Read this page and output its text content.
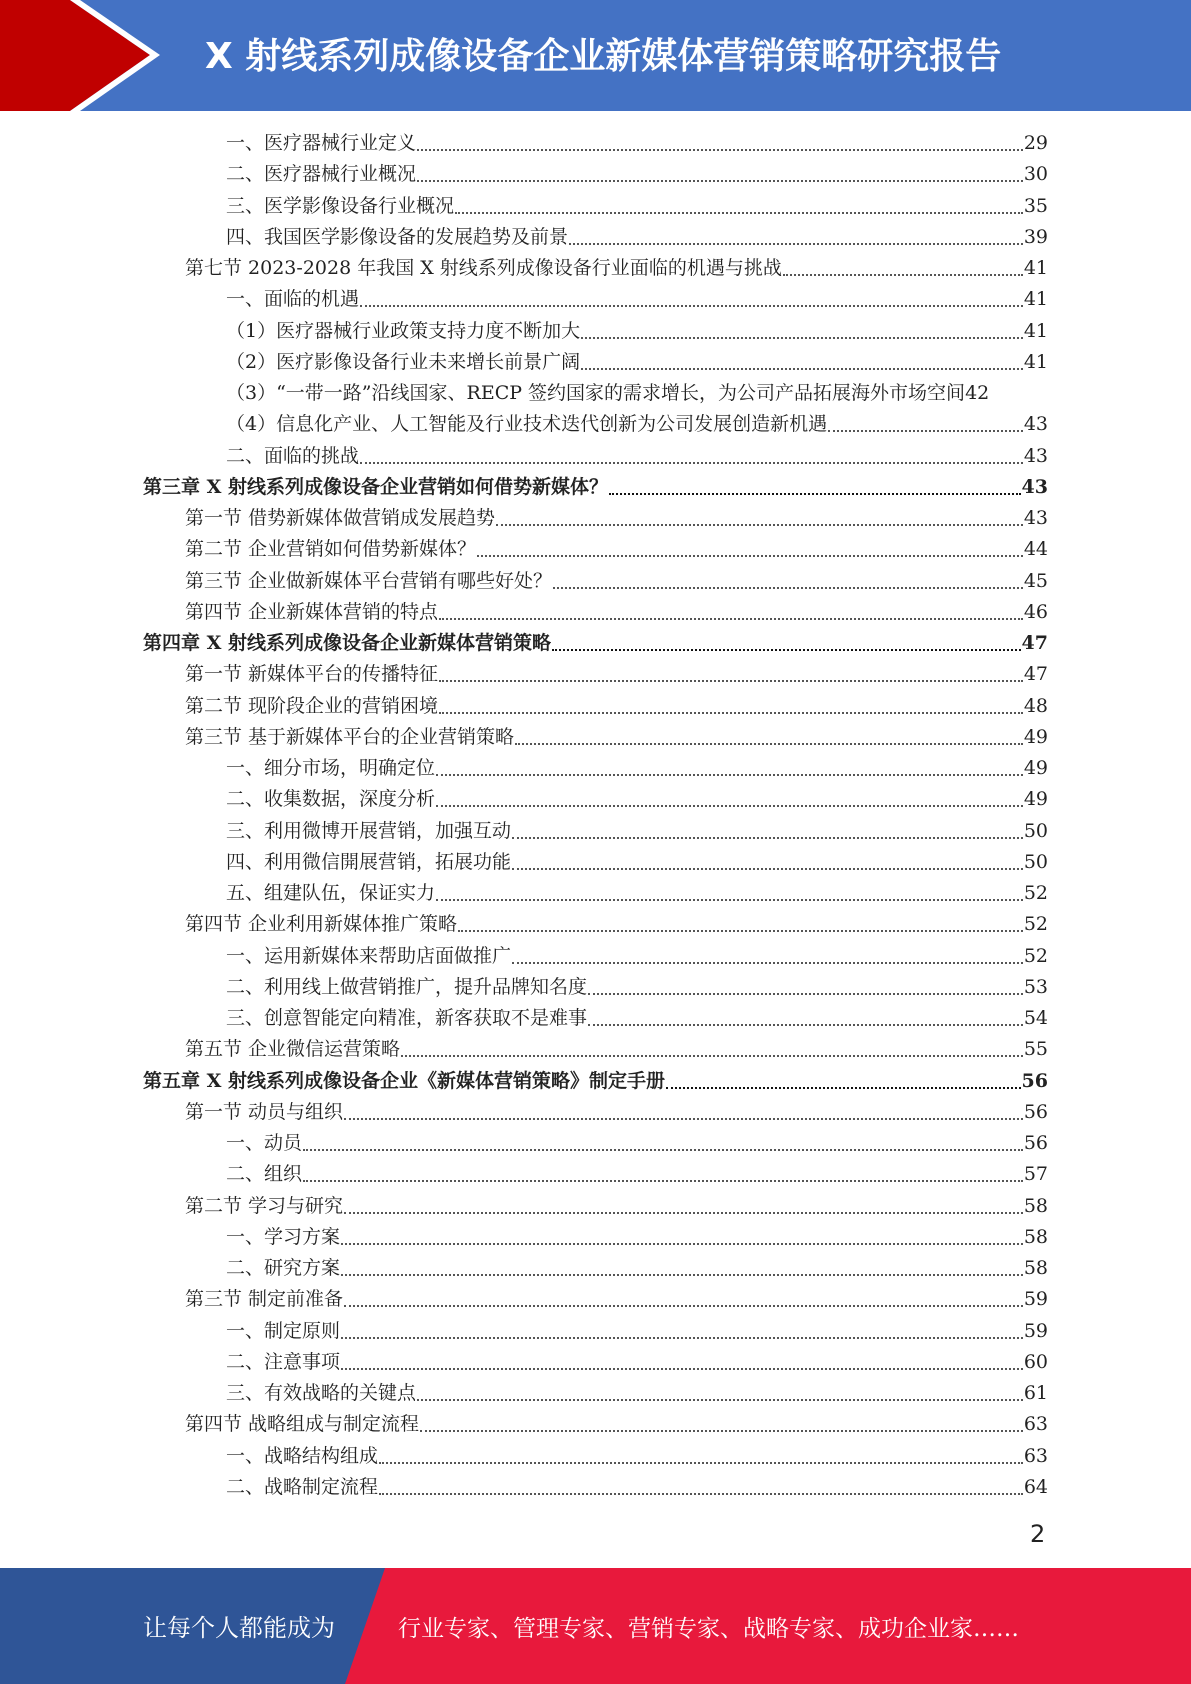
X 射线系列成像设备企业新媒体营销策略研究报告
一、医疗器械行业定义	29
二、医疗器械行业概况	30
三、医学影像设备行业概况	35
四、我国医学影像设备的发展趋势及前景	39
第七节 2023-2028 年我国 X 射线系列成像设备行业面临的机遇与挑战	41
一、面临的机遇	41
（1）医疗器械行业政策支持力度不断加大	41
（2）医疗影像设备行业未来增长前景广阔	41
（3）“一带一路”沿线国家、RECP 签约国家的需求增长，为公司产品拓展海外市场空间 42
（4）信息化产业、人工智能及行业技术迭代创新为公司发展创造新机遇	43
二、面临的挑战	43
第三章 X 射线系列成像设备企业营销如何借势新媒体？	43
第一节 借势新媒体做营销成发展趋势	43
第二节 企业营销如何借势新媒体？	44
第三节 企业做新媒体平台营销有哪些好处？	45
第四节 企业新媒体营销的特点	46
第四章 X 射线系列成像设备企业新媒体营销策略	47
第一节 新媒体平台的传播特征	47
第二节 现阶段企业的营销困境	48
第三节 基于新媒体平台的企业营销策略	49
一、细分市场，明确定位	49
二、收集数据，深度分析	49
三、利用微博开展营销，加强互动	50
四、利用微信開展营销，拓展功能	50
五、组建队伍，保证实力	52
第四节 企业利用新媒体推广策略	52
一、运用新媒体来帮助店面做推广	52
二、利用线上做营销推广，提升品牌知名度	53
三、创意智能定向精准，新客获取不是难事	54
第五节 企业微信运营策略	55
第五章 X 射线系列成像设备企业《新媒体营销策略》制定手册	56
第一节 动员与组织	56
一、动员	56
二、组织	57
第二节 学习与研究	58
一、学习方案	58
二、研究方案	58
第三节 制定前准备	59
一、制定原则	59
二、注意事项	60
三、有效战略的关键点	61
第四节 战略组成与制定流程	63
一、战略结构组成	63
二、战略制定流程	64
2
让每个人都能成为	行业专家、管理专家、营销专家、战略专家、成功企业家……
